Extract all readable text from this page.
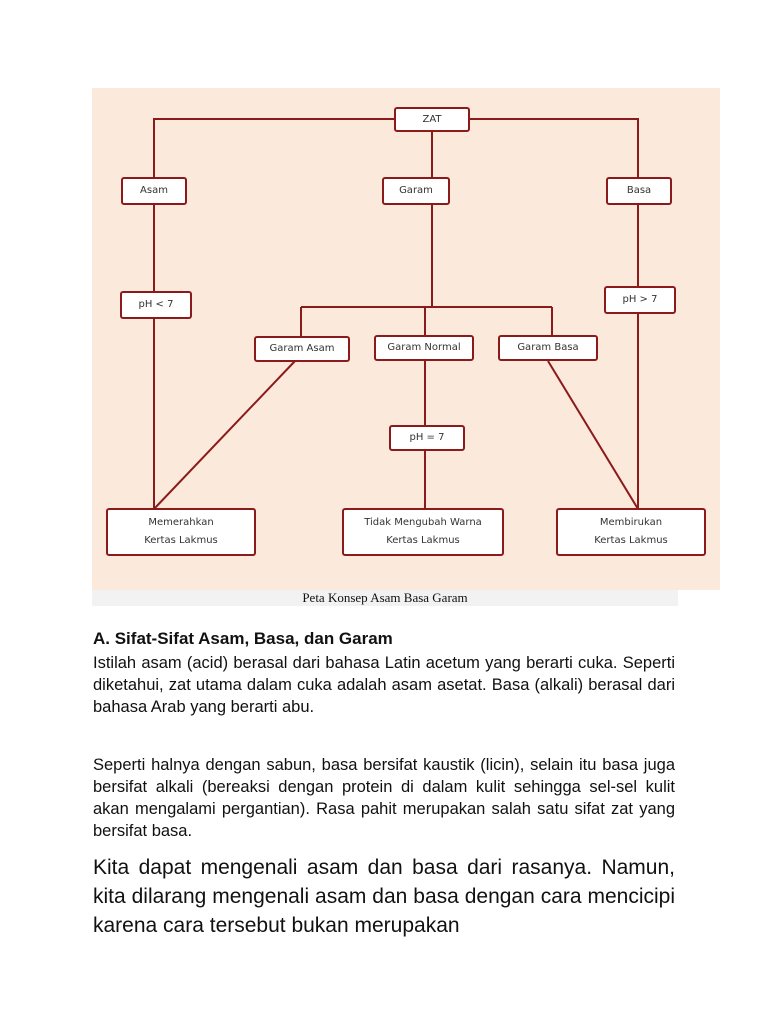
ZAT
Asam	Garam	Basa
pH < 7	pH > 7
Garam Asam	Garam Normal	Garam Basa
pH = 7
Memerahkan
Kertas Lakmus
Tidak Mengubah Warna
Kertas Lakmus
Membirukan
Kertas Lakmus
Peta Konsep Asam Basa Garam
A. Sifat-Sifat Asam, Basa, dan Garam

Istilah asam (acid) berasal dari bahasa Latin acetum yang berarti cuka. Seperti diketahui, zat utama dalam cuka adalah asam asetat. Basa (alkali) berasal dari bahasa Arab yang berarti abu.

Seperti halnya dengan sabun, basa bersifat kaustik (licin), selain itu basa juga bersifat alkali (bereaksi dengan protein di dalam kulit sehingga sel-sel kulit akan mengalami pergantian). Rasa pahit merupakan salah satu sifat zat yang bersifat basa.

Kita dapat mengenali asam dan basa dari rasanya. Namun, kita dilarang mengenali asam dan basa dengan cara mencicipi karena cara tersebut bukan merupakan
